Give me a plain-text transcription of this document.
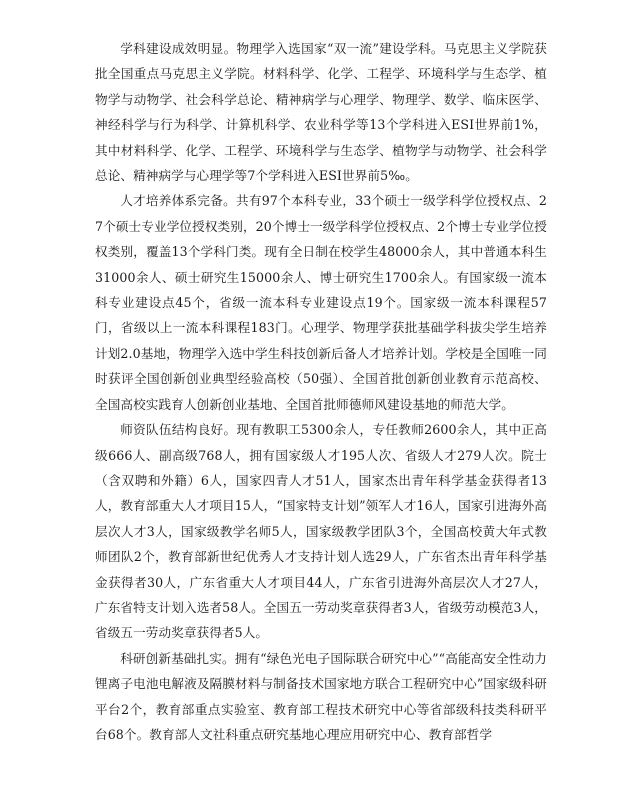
学科建设成效明显。物理学入选国家“双一流”建设学科。马克思主义学院获批全国重点马克思主义学院。材料科学、化学、工程学、环境科学与生态学、植物学与动物学、社会科学总论、精神病学与心理学、物理学、数学、临床医学、神经科学与行为科学、计算机科学、农业科学等13个学科进入ESI世界前1%，其中材料科学、化学、工程学、环境科学与生态学、植物学与动物学、社会科学总论、精神病学与心理学等7个学科进入ESI世界前5‰。

人才培养体系完备。共有97个本科专业，33个硕士一级学科学位授权点、27个硕士专业学位授权类别，20个博士一级学科学位授权点、2个博士专业学位授权类别，覆盖13个学科门类。现有全日制在校学生48000余人，其中普通本科生31000余人、硕士研究生15000余人、博士研究生1700余人。有国家级一流本科专业建设点45个，省级一流本科专业建设点19个。国家级一流本科课程57门，省级以上一流本科课程183门。心理学、物理学获批基础学科拔尖学生培养计划2.0基地，物理学入选中学生科技创新后备人才培养计划。学校是全国唯一同时获评全国创新创业典型经验高校（50强）、全国首批创新创业教育示范高校、全国高校实践育人创新创业基地、全国首批师德师风建设基地的师范大学。

师资队伍结构良好。现有教职工5300余人，专任教师2600余人，其中正高级666人、副高级768人，拥有国家级人才195人次、省级人才279人次。院士（含双聘和外籍）6人，国家四青人才51人，国家杰出青年科学基金获得者13人，教育部重大人才项目15人，“国家特支计划”领军人才16人，国家引进海外高层次人才3人，国家级教学名师5人，国家级教学团队3个，全国高校黄大年式教师团队2个，教育部新世纪优秀人才支持计划人选29人，广东省杰出青年科学基金获得者30人，广东省重大人才项目44人，广东省引进海外高层次人才27人，广东省特支计划入选者58人。全国五一劳动奖章获得者3人，省级劳动模范3人，省级五一劳动奖章获得者5人。

科研创新基础扎实。拥有“绿色光电子国际联合研究中心”“高能高安全性动力锂离子电池电解液及隔膜材料与制备技术国家地方联合工程研究中心”国家级科研平台2个，教育部重点实验室、教育部工程技术研究中心等省部级科技类科研平台68个。教育部人文社科重点研究基地心理应用研究中心、教育部哲学
